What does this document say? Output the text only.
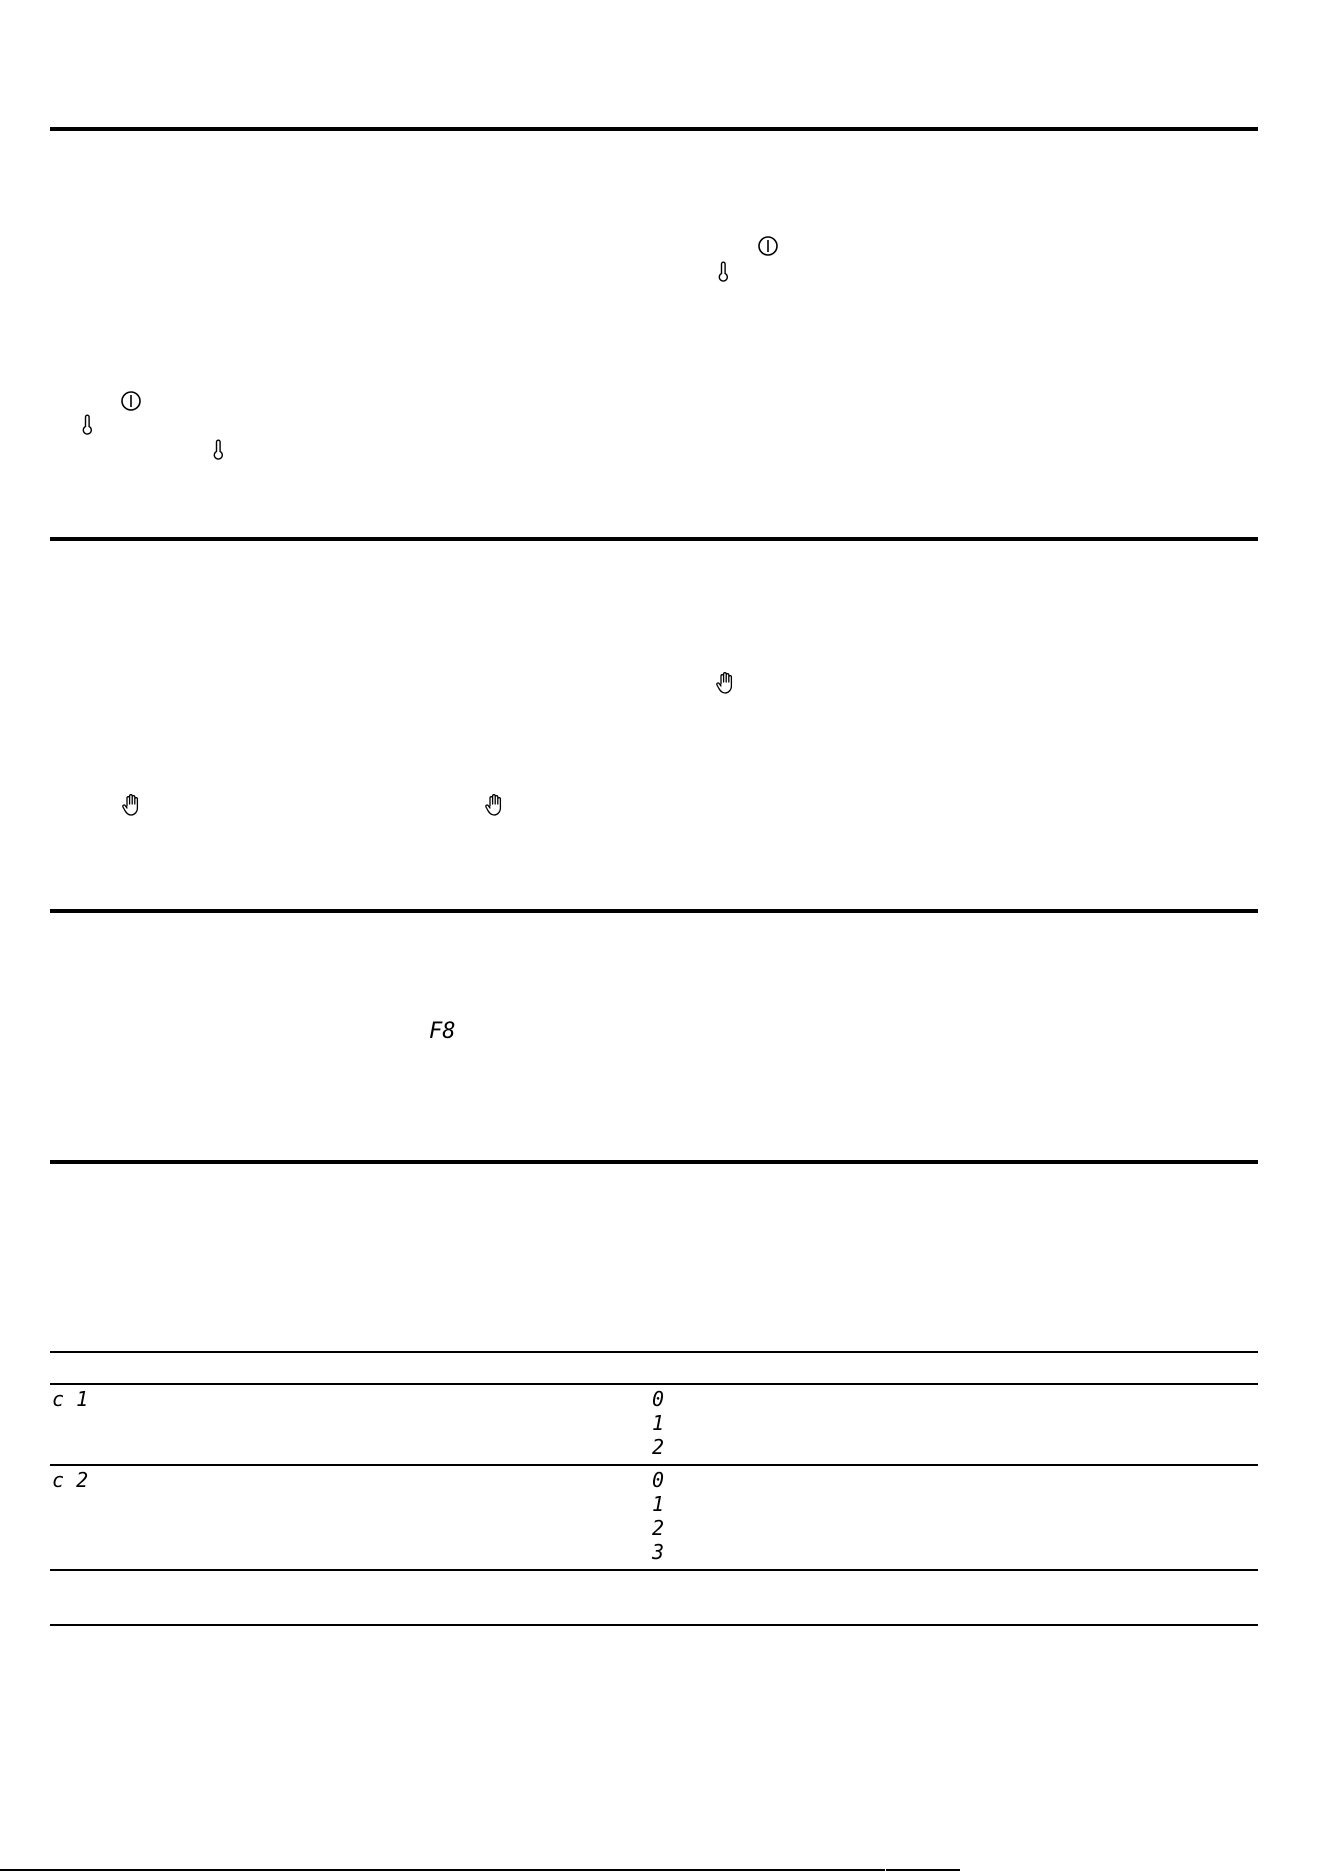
F8
c 1	0
1
2
c 2	0
1
2
3
